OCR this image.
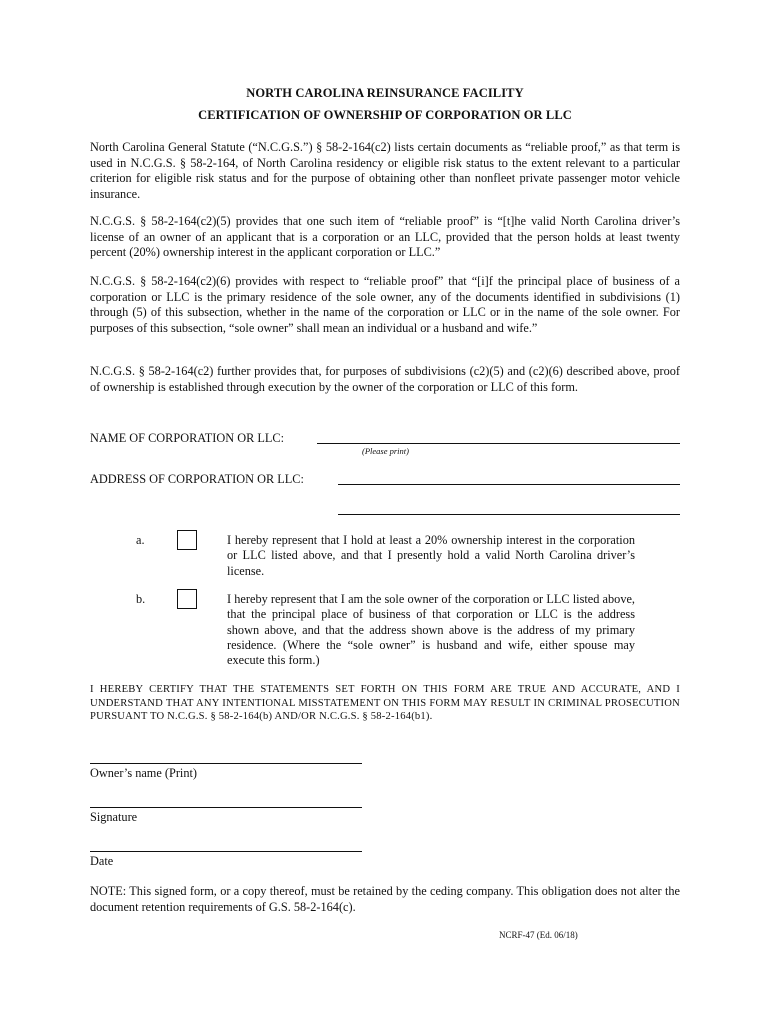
NORTH CAROLINA REINSURANCE FACILITY
CERTIFICATION OF OWNERSHIP OF CORPORATION OR LLC
North Carolina General Statute (“N.C.G.S.”) § 58-2-164(c2) lists certain documents as “reliable proof,” as that term is used in N.C.G.S. § 58-2-164, of North Carolina residency or eligible risk status to the extent relevant to a particular criterion for eligible risk status and for the purpose of obtaining other than nonfleet private passenger motor vehicle insurance.
N.C.G.S. § 58-2-164(c2)(5) provides that one such item of “reliable proof” is “[t]he valid North Carolina driver’s license of an owner of an applicant that is a corporation or an LLC, provided that the person holds at least twenty percent (20%) ownership interest in the applicant corporation or LLC.”
N.C.G.S. § 58-2-164(c2)(6) provides with respect to “reliable proof” that “[i]f the principal place of business of a corporation or LLC is the primary residence of the sole owner, any of the documents identified in subdivisions (1) through (5) of this subsection, whether in the name of the corporation or LLC or in the name of the sole owner. For purposes of this subsection, “sole owner” shall mean an individual or a husband and wife.”
N.C.G.S. § 58-2-164(c2) further provides that, for purposes of subdivisions (c2)(5) and (c2)(6) described above, proof of ownership is established through execution by the owner of the corporation or LLC of this form.
NAME OF CORPORATION OR LLC:
(Please print)
ADDRESS OF CORPORATION OR LLC:
a.	I hereby represent that I hold at least a 20% ownership interest in the corporation or LLC listed above, and that I presently hold a valid North Carolina driver’s license.
b.	I hereby represent that I am the sole owner of the corporation or LLC listed above, that the principal place of business of that corporation or LLC is the address shown above, and that the address shown above is the address of my primary residence. (Where the “sole owner” is husband and wife, either spouse may execute this form.)
I HEREBY CERTIFY THAT THE STATEMENTS SET FORTH ON THIS FORM ARE TRUE AND ACCURATE, AND I UNDERSTAND THAT ANY INTENTIONAL MISSTATEMENT ON THIS FORM MAY RESULT IN CRIMINAL PROSECUTION PURSUANT TO N.C.G.S. § 58-2-164(b) AND/OR N.C.G.S. § 58-2-164(b1).
Owner’s name (Print)
Signature
Date
NOTE: This signed form, or a copy thereof, must be retained by the ceding company. This obligation does not alter the document retention requirements of G.S. 58-2-164(c).
NCRF-47 (Ed. 06/18)
